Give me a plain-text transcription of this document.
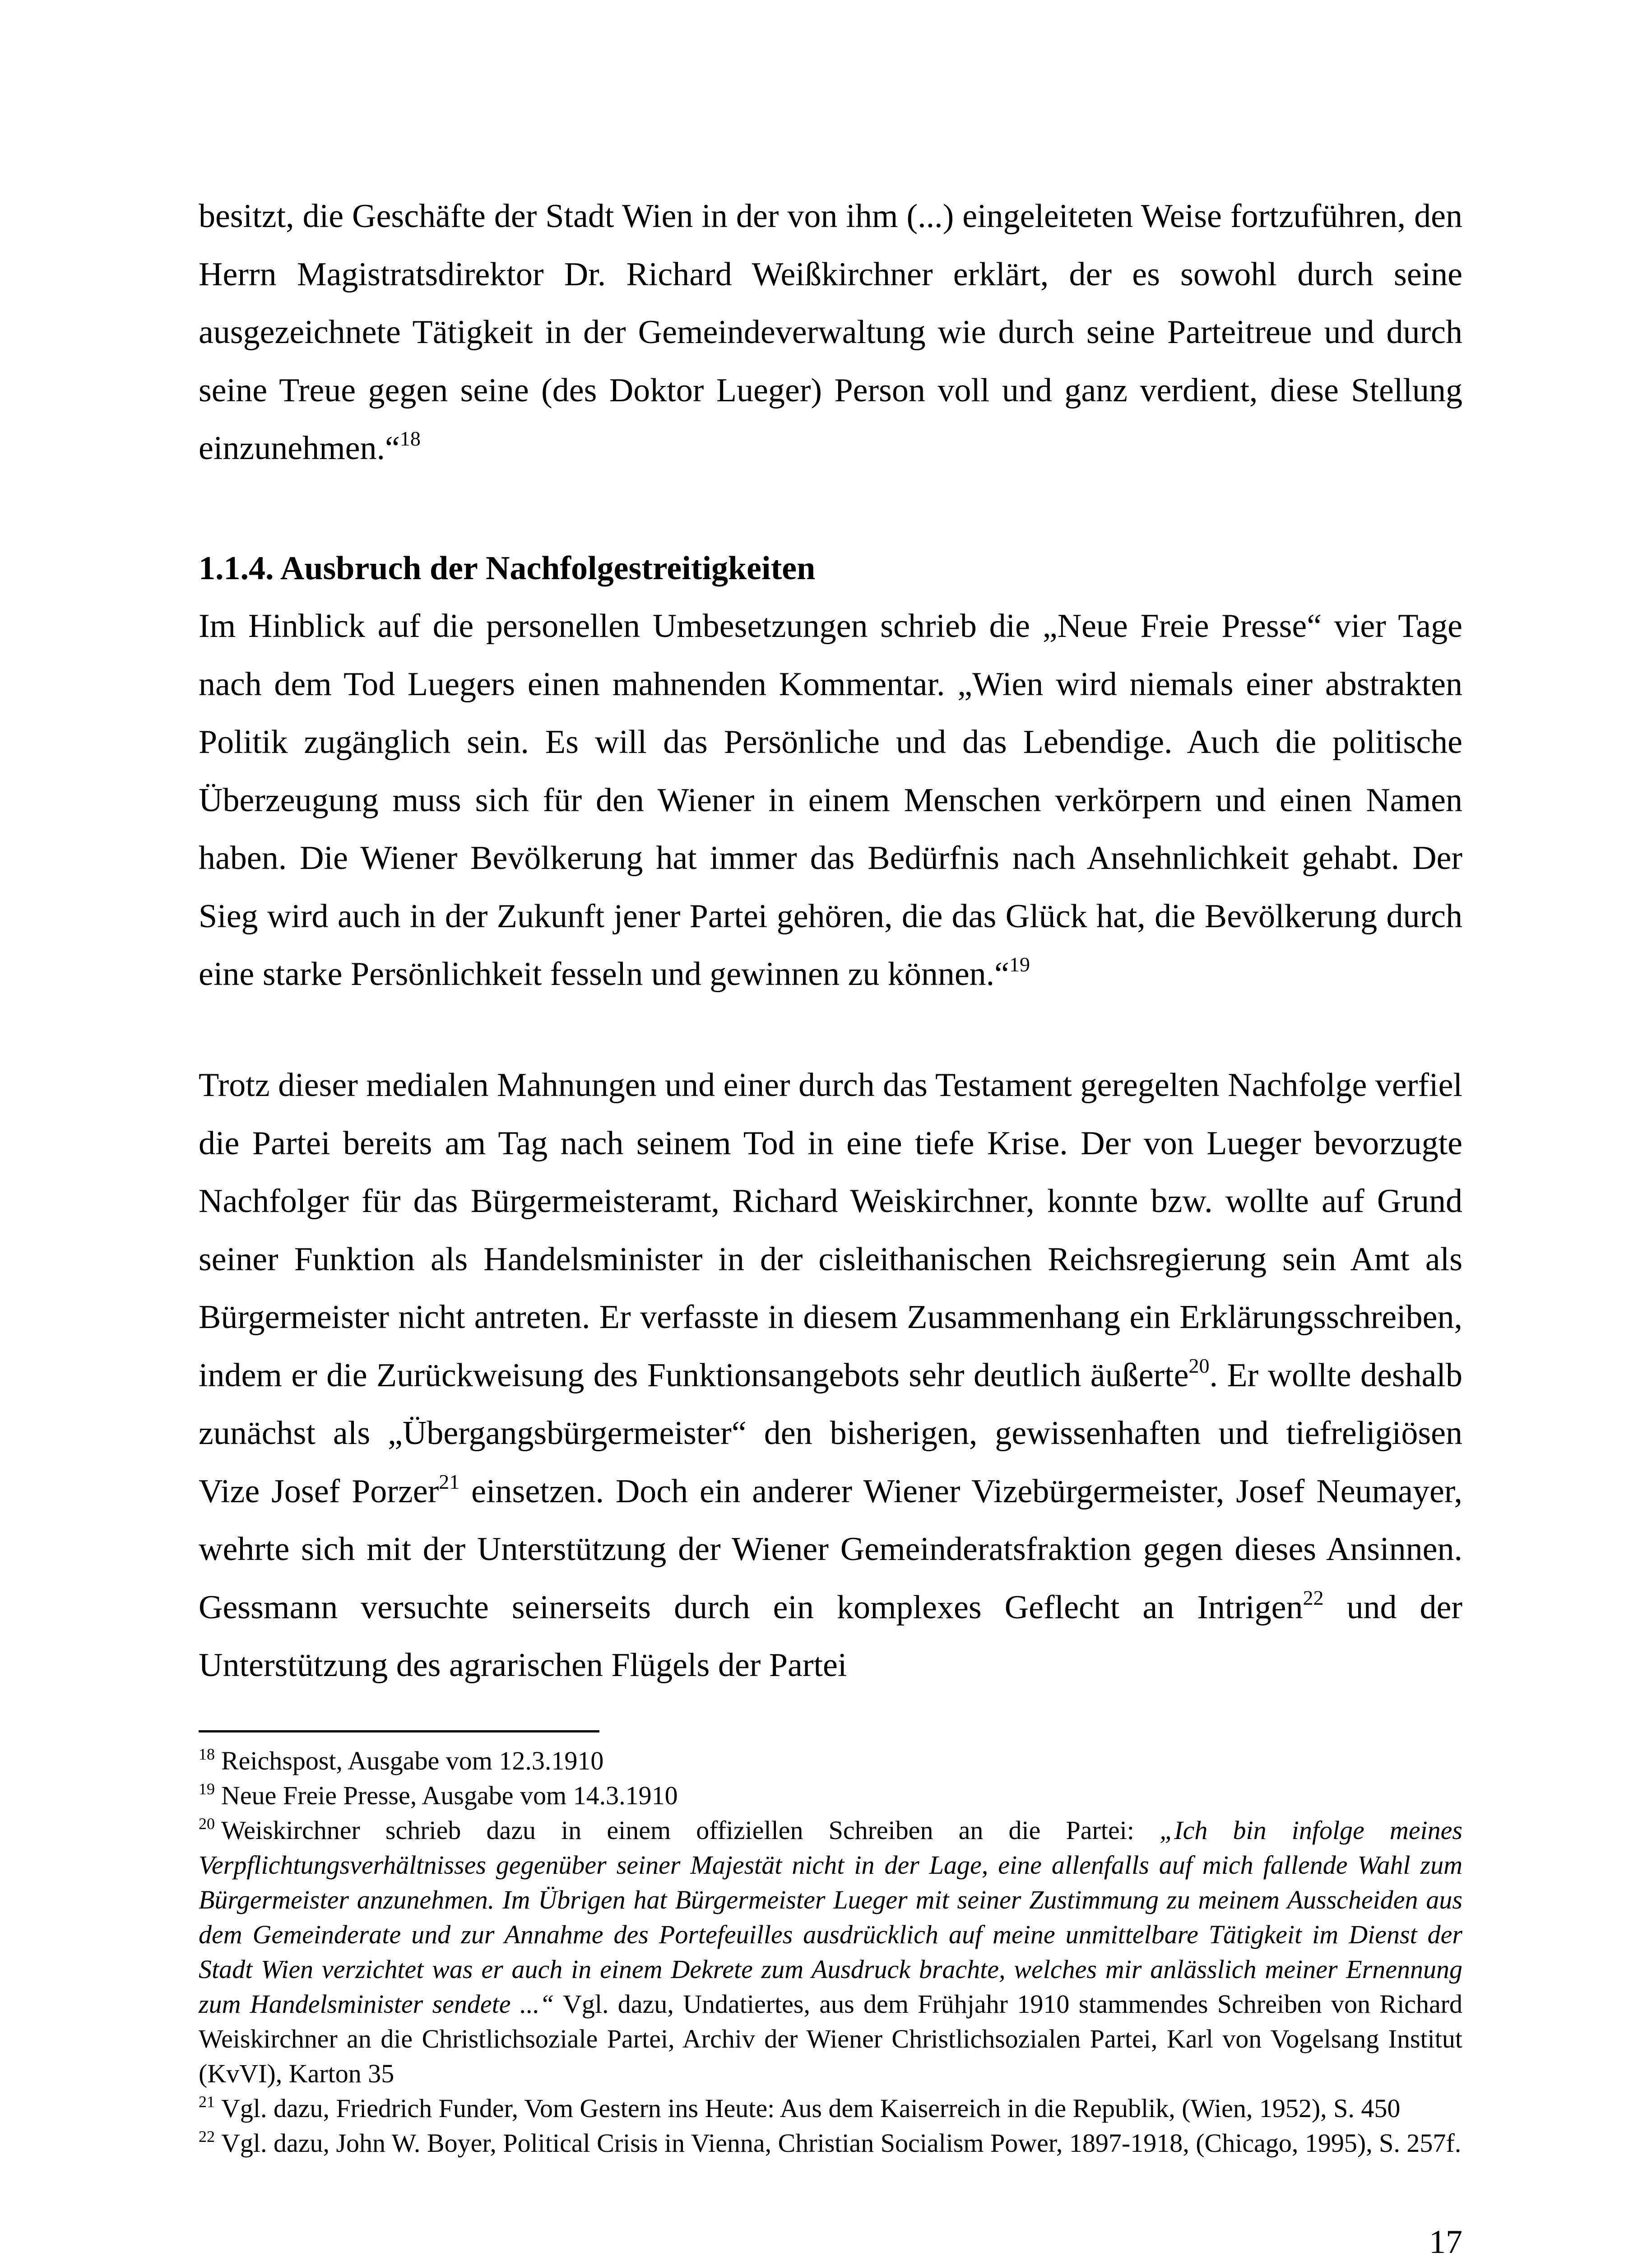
besitzt, die Geschäfte der Stadt Wien in der von ihm (...) eingeleiteten Weise fortzuführen, den Herrn Magistratsdirektor Dr. Richard Weißkirchner erklärt, der es sowohl durch seine ausgezeichnete Tätigkeit in der Gemeindeverwaltung wie durch seine Parteitreue und durch seine Treue gegen seine (des Doktor Lueger) Person voll und ganz verdient, diese Stellung einzunehmen.“$^{18}$

1.1.4. Ausbruch der Nachfolgestreitigkeiten

Im Hinblick auf die personellen Umbesetzungen schrieb die „Neue Freie Presse“ vier Tage nach dem Tod Luegers einen mahnenden Kommentar. „Wien wird niemals einer abstrakten Politik zugänglich sein. Es will das Persönliche und das Lebendige. Auch die politische Überzeugung muss sich für den Wiener in einem Menschen verkörpern und einen Namen haben. Die Wiener Bevölkerung hat immer das Bedürfnis nach Ansehnlichkeit gehabt. Der Sieg wird auch in der Zukunft jener Partei gehören, die das Glück hat, die Bevölkerung durch eine starke Persönlichkeit fesseln und gewinnen zu können.“$^{19}$

Trotz dieser medialen Mahnungen und einer durch das Testament geregelten Nachfolge verfiel die Partei bereits am Tag nach seinem Tod in eine tiefe Krise. Der von Lueger bevorzugte Nachfolger für das Bürgermeisteramt, Richard Weiskirchner, konnte bzw. wollte auf Grund seiner Funktion als Handelsminister in der cisleithanischen Reichsregierung sein Amt als Bürgermeister nicht antreten. Er verfasste in diesem Zusammenhang ein Erklärungsschreiben, indem er die Zurückweisung des Funktionsangebots sehr deutlich äußerte$^{20}$. Er wollte deshalb zunächst als „Übergangsbürgermeister“ den bisherigen, gewissenhaften und tiefreligiösen Vize Josef Porzer$^{21}$ einsetzen. Doch ein anderer Wiener Vizebürgermeister, Josef Neumayer, wehrte sich mit der Unterstützung der Wiener Gemeinderatsfraktion gegen dieses Ansinnen. Gessmann versuchte seinerseits durch ein komplexes Geflecht an Intrigen$^{22}$ und der Unterstützung des agrarischen Flügels der Partei

$^{18}$ Reichspost, Ausgabe vom 12.3.1910

$^{19}$ Neue Freie Presse, Ausgabe vom 14.3.1910

$^{20}$ Weiskirchner schrieb dazu in einem offiziellen Schreiben an die Partei: „Ich bin infolge meines Verpflichtungsverhältnisses gegenüber seiner Majestät nicht in der Lage, eine allenfalls auf mich fallende Wahl zum Bürgermeister anzunehmen. Im Übrigen hat Bürgermeister Lueger mit seiner Zustimmung zu meinem Ausscheiden aus dem Gemeinderate und zur Annahme des Portefeuilles ausdrücklich auf meine unmittelbare Tätigkeit im Dienst der Stadt Wien verzichtet was er auch in einem Dekrete zum Ausdruck brachte, welches mir anlässlich meiner Ernennung zum Handelsminister sendete ...“ Vgl. dazu, Undatiertes, aus dem Frühjahr 1910 stammendes Schreiben von Richard Weiskirchner an die Christlichsoziale Partei, Archiv der Wiener Christlichsozialen Partei, Karl von Vogelsang Institut (KvVI), Karton 35

$^{21}$ Vgl. dazu, Friedrich Funder, Vom Gestern ins Heute: Aus dem Kaiserreich in die Republik, (Wien, 1952), S. 450

$^{22}$ Vgl. dazu, John W. Boyer, Political Crisis in Vienna, Christian Socialism Power, 1897-1918, (Chicago, 1995), S. 257f.

17
